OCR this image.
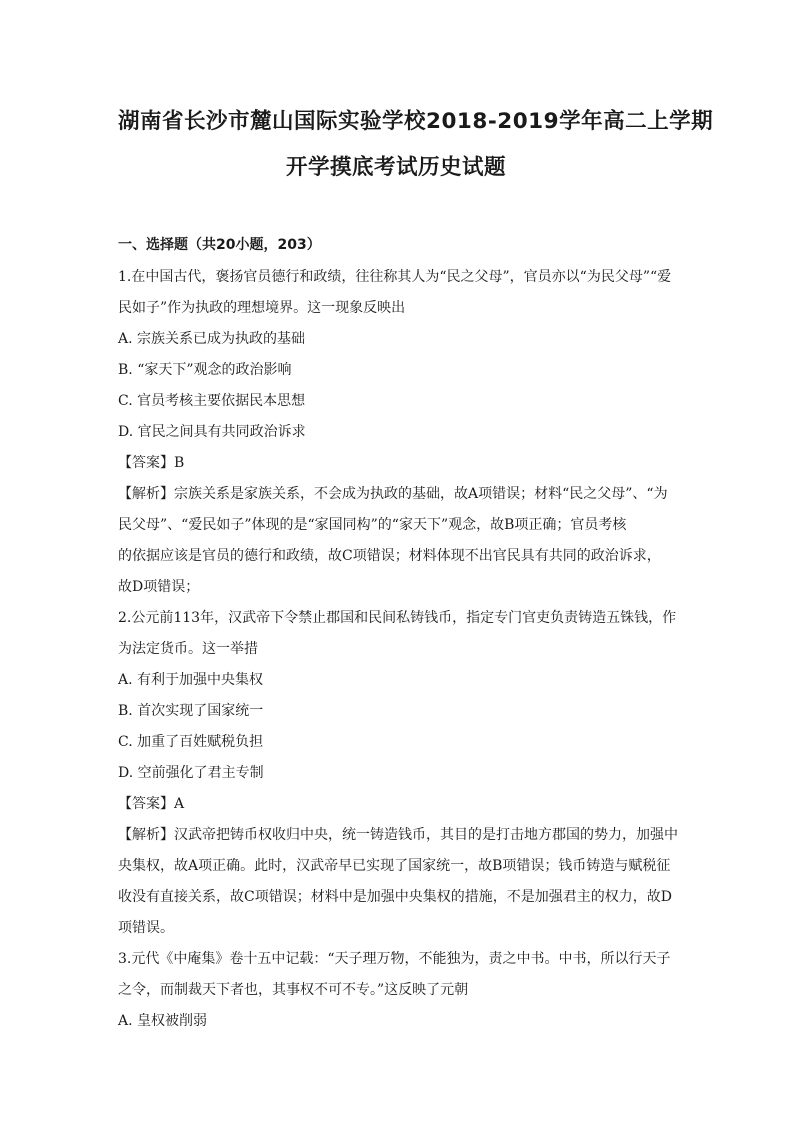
湖南省长沙市麓山国际实验学校2018-2019学年高二上学期
开学摸底考试历史试题
一、选择题（共20小题，203）
1.在中国古代，褒扬官员德行和政绩，往往称其人为“民之父母”，官员亦以“为民父母”“爱
民如子”作为执政的理想境界。这一现象反映出
A. 宗族关系已成为执政的基础
B. “家天下”观念的政治影响
C. 官员考核主要依据民本思想
D. 官民之间具有共同政治诉求
【答案】B
【解析】宗族关系是家族关系，不会成为执政的基础，故A项错误；材料“民之父母”、“为
民父母”、“爱民如子”体现的是“家国同构”的“家天下”观念，故B项正确；官员考核
的依据应该是官员的德行和政绩，故C项错误；材料体现不出官民具有共同的政治诉求，
故D项错误；
2.公元前113年，汉武帝下令禁止郡国和民间私铸钱币，指定专门官吏负责铸造五铢钱，作
为法定货币。这一举措
A. 有利于加强中央集权
B. 首次实现了国家统一
C. 加重了百姓赋税负担
D. 空前强化了君主专制
【答案】A
【解析】汉武帝把铸币权收归中央，统一铸造钱币，其目的是打击地方郡国的势力，加强中
央集权，故A项正确。此时，汉武帝早已实现了国家统一，故B项错误；钱币铸造与赋税征
收没有直接关系，故C项错误；材料中是加强中央集权的措施，不是加强君主的权力，故D
项错误。
3.元代《中庵集》卷十五中记载：“天子理万物，不能独为，责之中书。中书，所以行天子
之令，而制裁天下者也，其事权不可不专。”这反映了元朝
A. 皇权被削弱
